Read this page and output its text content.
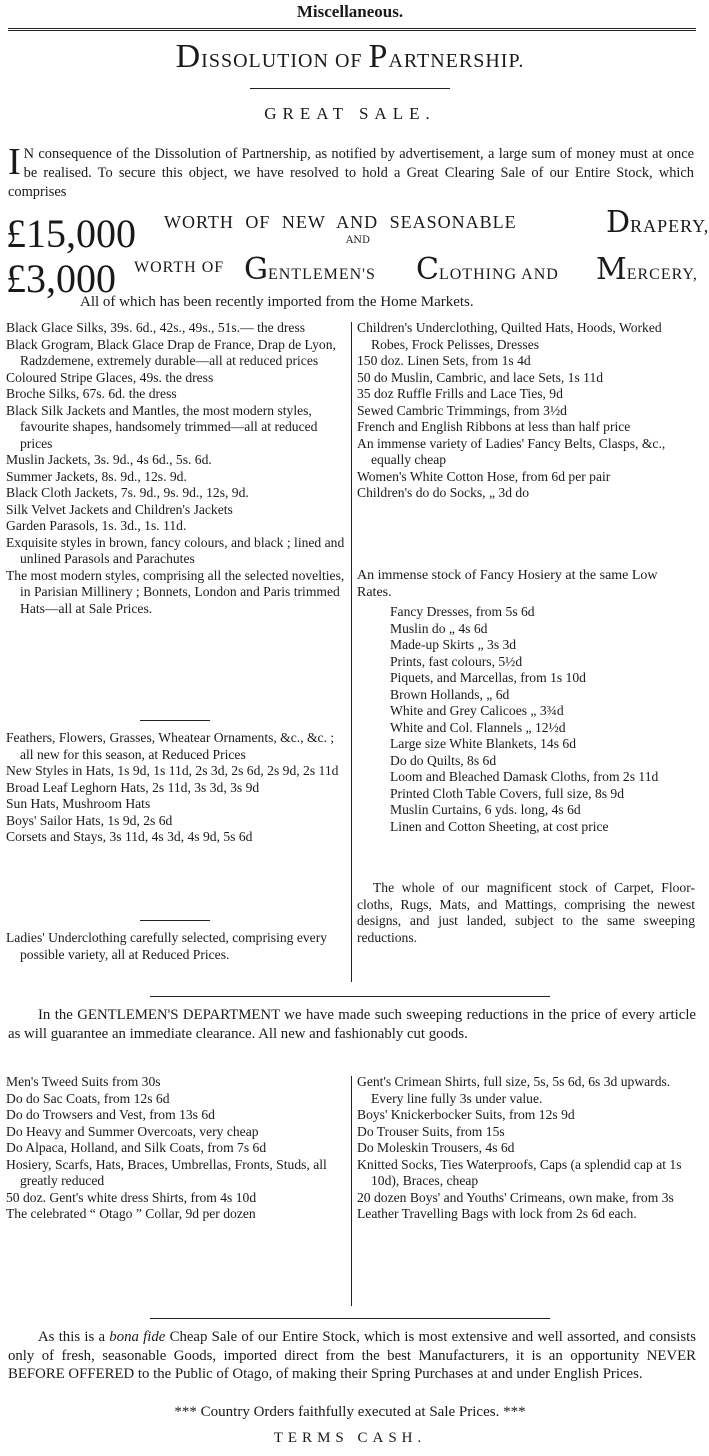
Miscellaneous.
DISSOLUTION OF PARTNERSHIP.
GREAT SALE.
I N consequence of the Dissolution of Partnership, as notified by advertisement, a large sum of money must at once be realised. To secure this object, we have resolved to hold a Great Clearing Sale of our Entire Stock, which comprises
£15,000 WORTH OF NEW AND SEASONABLE	DRAPERY,
AND
£3,000 WORTH OF GENTLEMEN'S CLOTHING AND MERCERY,
All of which has been recently imported from the Home Markets.
Black Glace Silks, 39s. 6d., 42s., 49s., 51s.— the dress
Black Grogram, Black Glace Drap de France, Drap de Lyon, Radzdemene, extremely durable—all at reduced prices
Coloured Stripe Glaces, 49s. the dress
Broche Silks, 67s. 6d. the dress
Black Silk Jackets and Mantles, the most modern styles, favourite shapes, handsomely trimmed—all at reduced prices
Muslin Jackets, 3s. 9d., 4s 6d., 5s. 6d.
Summer Jackets, 8s. 9d., 12s. 9d.
Black Cloth Jackets, 7s. 9d., 9s. 9d., 12s, 9d.
Silk Velvet Jackets and Children's Jackets
Garden Parasols, 1s. 3d., 1s. 11d.
Exquisite styles in brown, fancy colours, and black ; lined and unlined Parasols and Parachutes
The most modern styles, comprising all the selected novelties, in Parisian Millinery ; Bonnets, London and Paris trimmed Hats—all at Sale Prices.
Feathers, Flowers, Grasses, Wheatear Ornaments, &c., &c. ; all new for this season, at Reduced Prices
New Styles in Hats, 1s 9d, 1s 11d, 2s 3d, 2s 6d, 2s 9d, 2s 11d
Broad Leaf Leghorn Hats, 2s 11d, 3s 3d, 3s 9d
Sun Hats, Mushroom Hats
Boys' Sailor Hats, 1s 9d, 2s 6d
Corsets and Stays, 3s 11d, 4s 3d, 4s 9d, 5s 6d
Ladies' Underclothing carefully selected, comprising every possible variety, all at Reduced Prices.
Children's Underclothing, Quilted Hats, Hoods, Worked Robes, Frock Pelisses, Dresses
150 doz. Linen Sets, from 1s 4d
50 do Muslin, Cambric, and lace Sets, 1s 11d
35 doz Ruffle Frills and Lace Ties, 9d
Sewed Cambric Trimmings, from 3½d
French and English Ribbons at less than half price
An immense variety of Ladies' Fancy Belts, Clasps, &c., equally cheap
Women's White Cotton Hose, from 6d per pair
Children's do do Socks, „ 3d do
An immense stock of Fancy Hosiery at the same Low Rates.
Fancy Dresses, from 5s 6d
Muslin do „ 4s 6d
Made-up Skirts „ 3s 3d
Prints, fast colours, 5½d
Piquets, and Marcellas, from 1s 10d
Brown Hollands, „ 6d
White and Grey Calicoes „ 3¾d
White and Col. Flannels „ 12½d
Large size White Blankets, 14s 6d
Do do Quilts, 8s 6d
Loom and Bleached Damask Cloths, from 2s 11d
Printed Cloth Table Covers, full size, 8s 9d
Muslin Curtains, 6 yds. long, 4s 6d
Linen and Cotton Sheeting, at cost price
The whole of our magnificent stock of Carpet, Floor-cloths, Rugs, Mats, and Mattings, comprising the newest designs, and just landed, subject to the same sweeping reductions.
In the GENTLEMEN'S DEPARTMENT we have made such sweeping reductions in the price of every article as will guarantee an immediate clearance. All new and fashionably cut goods.
Men's Tweed Suits from 30s
Do do Sac Coats, from 12s 6d
Do do Trowsers and Vest, from 13s 6d
Do Heavy and Summer Overcoats, very cheap
Do Alpaca, Holland, and Silk Coats, from 7s 6d
Hosiery, Scarfs, Hats, Braces, Umbrellas, Fronts, Studs, all greatly reduced
50 doz. Gent's white dress Shirts, from 4s 10d
The celebrated “ Otago ” Collar, 9d per dozen
Gent's Crimean Shirts, full size, 5s, 5s 6d, 6s 3d upwards. Every line fully 3s under value.
Boys' Knickerbocker Suits, from 12s 9d
Do Trouser Suits, from 15s
Do Moleskin Trousers, 4s 6d
Knitted Socks, Ties Waterproofs, Caps (a splendid cap at 1s 10d), Braces, cheap
20 dozen Boys' and Youths' Crimeans, own make, from 3s
Leather Travelling Bags with lock from 2s 6d each.
As this is a bona fide Cheap Sale of our Entire Stock, which is most extensive and well assorted, and consists only of fresh, seasonable Goods, imported direct from the best Manufacturers, it is an opportunity NEVER BEFORE OFFERED to the Public of Otago, of making their Spring Purchases at and under English Prices.
*** Country Orders faithfully executed at Sale Prices. ***
TERMS CASH.
